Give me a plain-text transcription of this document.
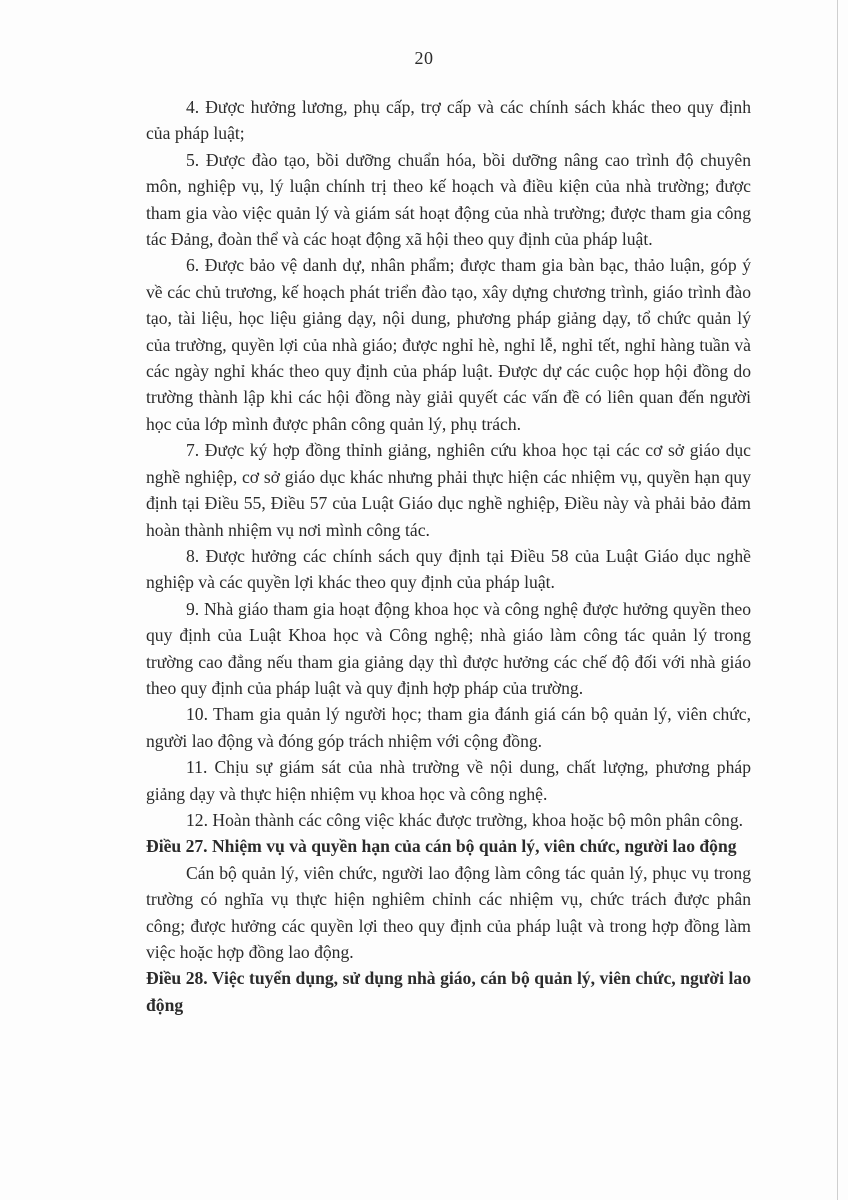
20

4. Được hưởng lương, phụ cấp, trợ cấp và các chính sách khác theo quy định của pháp luật;

5. Được đào tạo, bồi dưỡng chuẩn hóa, bồi dưỡng nâng cao trình độ chuyên môn, nghiệp vụ, lý luận chính trị theo kế hoạch và điều kiện của nhà trường; được tham gia vào việc quản lý và giám sát hoạt động của nhà trường; được tham gia công tác Đảng, đoàn thể và các hoạt động xã hội theo quy định của pháp luật.

6. Được bảo vệ danh dự, nhân phẩm; được tham gia bàn bạc, thảo luận, góp ý về các chủ trương, kế hoạch phát triển đào tạo, xây dựng chương trình, giáo trình đào tạo, tài liệu, học liệu giảng dạy, nội dung, phương pháp giảng dạy, tổ chức quản lý của trường, quyền lợi của nhà giáo; được nghỉ hè, nghỉ lễ, nghỉ tết, nghỉ hàng tuần và các ngày nghỉ khác theo quy định của pháp luật. Được dự các cuộc họp hội đồng do trường thành lập khi các hội đồng này giải quyết các vấn đề có liên quan đến người học của lớp mình được phân công quản lý, phụ trách.

7. Được ký hợp đồng thỉnh giảng, nghiên cứu khoa học tại các cơ sở giáo dục nghề nghiệp, cơ sở giáo dục khác nhưng phải thực hiện các nhiệm vụ, quyền hạn quy định tại Điều 55, Điều 57 của Luật Giáo dục nghề nghiệp, Điều này và phải bảo đảm hoàn thành nhiệm vụ nơi mình công tác.

8. Được hưởng các chính sách quy định tại Điều 58 của Luật Giáo dục nghề nghiệp và các quyền lợi khác theo quy định của pháp luật.

9. Nhà giáo tham gia hoạt động khoa học và công nghệ được hưởng quyền theo quy định của Luật Khoa học và Công nghệ; nhà giáo làm công tác quản lý trong trường cao đẳng nếu tham gia giảng dạy thì được hưởng các chế độ đối với nhà giáo theo quy định của pháp luật và quy định hợp pháp của trường.

10. Tham gia quản lý người học; tham gia đánh giá cán bộ quản lý, viên chức, người lao động và đóng góp trách nhiệm với cộng đồng.

11. Chịu sự giám sát của nhà trường về nội dung, chất lượng, phương pháp giảng dạy và thực hiện nhiệm vụ khoa học và công nghệ.

12. Hoàn thành các công việc khác được trường, khoa hoặc bộ môn phân công.

Điều 27. Nhiệm vụ và quyền hạn của cán bộ quản lý, viên chức, người lao động

Cán bộ quản lý, viên chức, người lao động làm công tác quản lý, phục vụ trong trường có nghĩa vụ thực hiện nghiêm chỉnh các nhiệm vụ, chức trách được phân công; được hưởng các quyền lợi theo quy định của pháp luật và trong hợp đồng làm việc hoặc hợp đồng lao động.

Điều 28. Việc tuyển dụng, sử dụng nhà giáo, cán bộ quản lý, viên chức, người lao động
